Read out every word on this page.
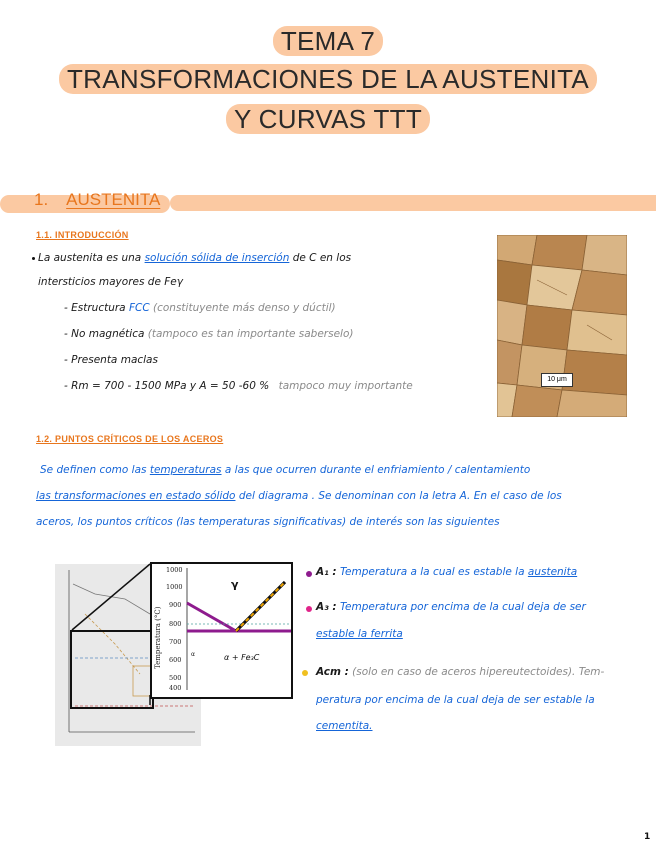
TEMA 7
TRANSFORMACIONES DE LA AUSTENITA
Y CURVAS TTT
1. AUSTENITA
1.1. INTRODUCCIÓN
La austenita es una solución sólida de inserción de C en los
intersticios mayores de Feγ
- Estructura FCC (constituyente más denso y dúctil)
- No magnética (tampoco es tan importante saberselo)
- Presenta maclas
- Rm = 700 - 1500 MPa y A = 50 -60 % tampoco muy importante
10 μm
1.2. PUNTOS CRÍTICOS DE LOS ACEROS
Se definen como las temperaturas a las que ocurren durante el enfriamiento / calentamiento
las transformaciones en estado sólido del diagrama . Se denominan con la letra A. En el caso de los
aceros, los puntos críticos (las temperaturas significativas) de interés son las siguientes
1000
1000
900
800
700
600
500
400
Temperatura (°C)
γ
α + Fe₃C
α
A₁ : Temperatura a la cual es estable la austenita
A₃ : Temperatura por encima de la cual deja de ser
estable la ferrita
Acm : (solo en caso de aceros hipereutectoides). Tem-
peratura por encima de la cual deja de ser estable la
cementita.
1
